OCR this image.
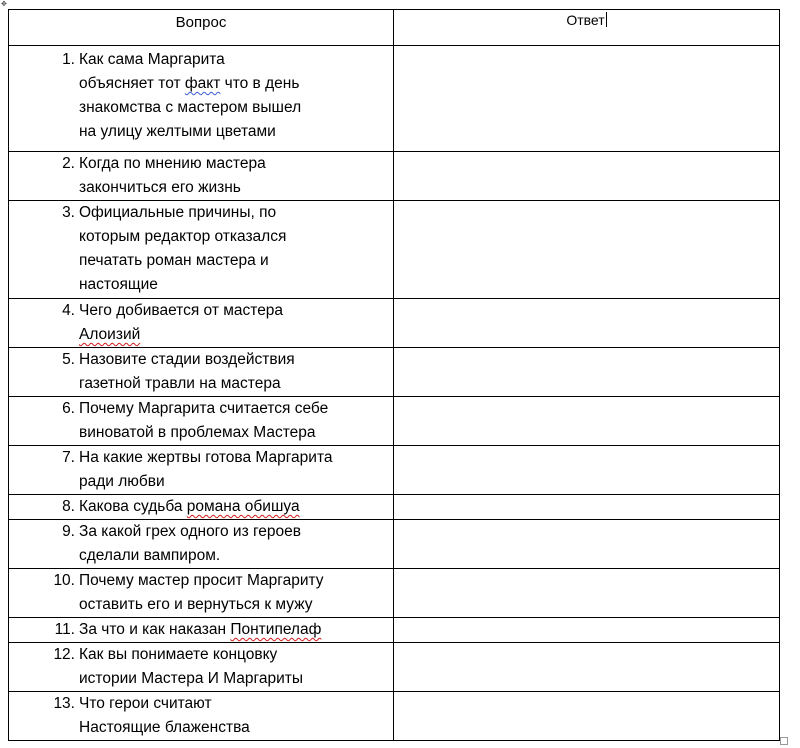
✥
Вопрос	Ответ

1. Как сама Маргарита
объясняет тот факт что в день
знакомства с мастером вышел
на улицу желтыми цветами	

2. Когда по мнению мастера
закончиться его жизнь	

3. Официальные причины, по
которым редактор отказался
печатать роман мастера и
настоящие	

4. Чего добивается от мастера
Алоизий	

5. Назовите стадии воздействия
газетной травли на мастера	

6. Почему Маргарита считается себе
виноватой в проблемах Мастера	

7. На какие жертвы готова Маргарита
ради любви	

8. Какова судьба романа обишуа	

9. За какой грех одного из героев
сделали вампиром.	

10. Почему мастер просит Маргариту
оставить его и вернуться к мужу	

11. За что и как наказан Понтипелаф	

12. Как вы понимаете концовку
истории Мастера И Маргариты	

13. Что герои считают
Настоящие блаженства	
